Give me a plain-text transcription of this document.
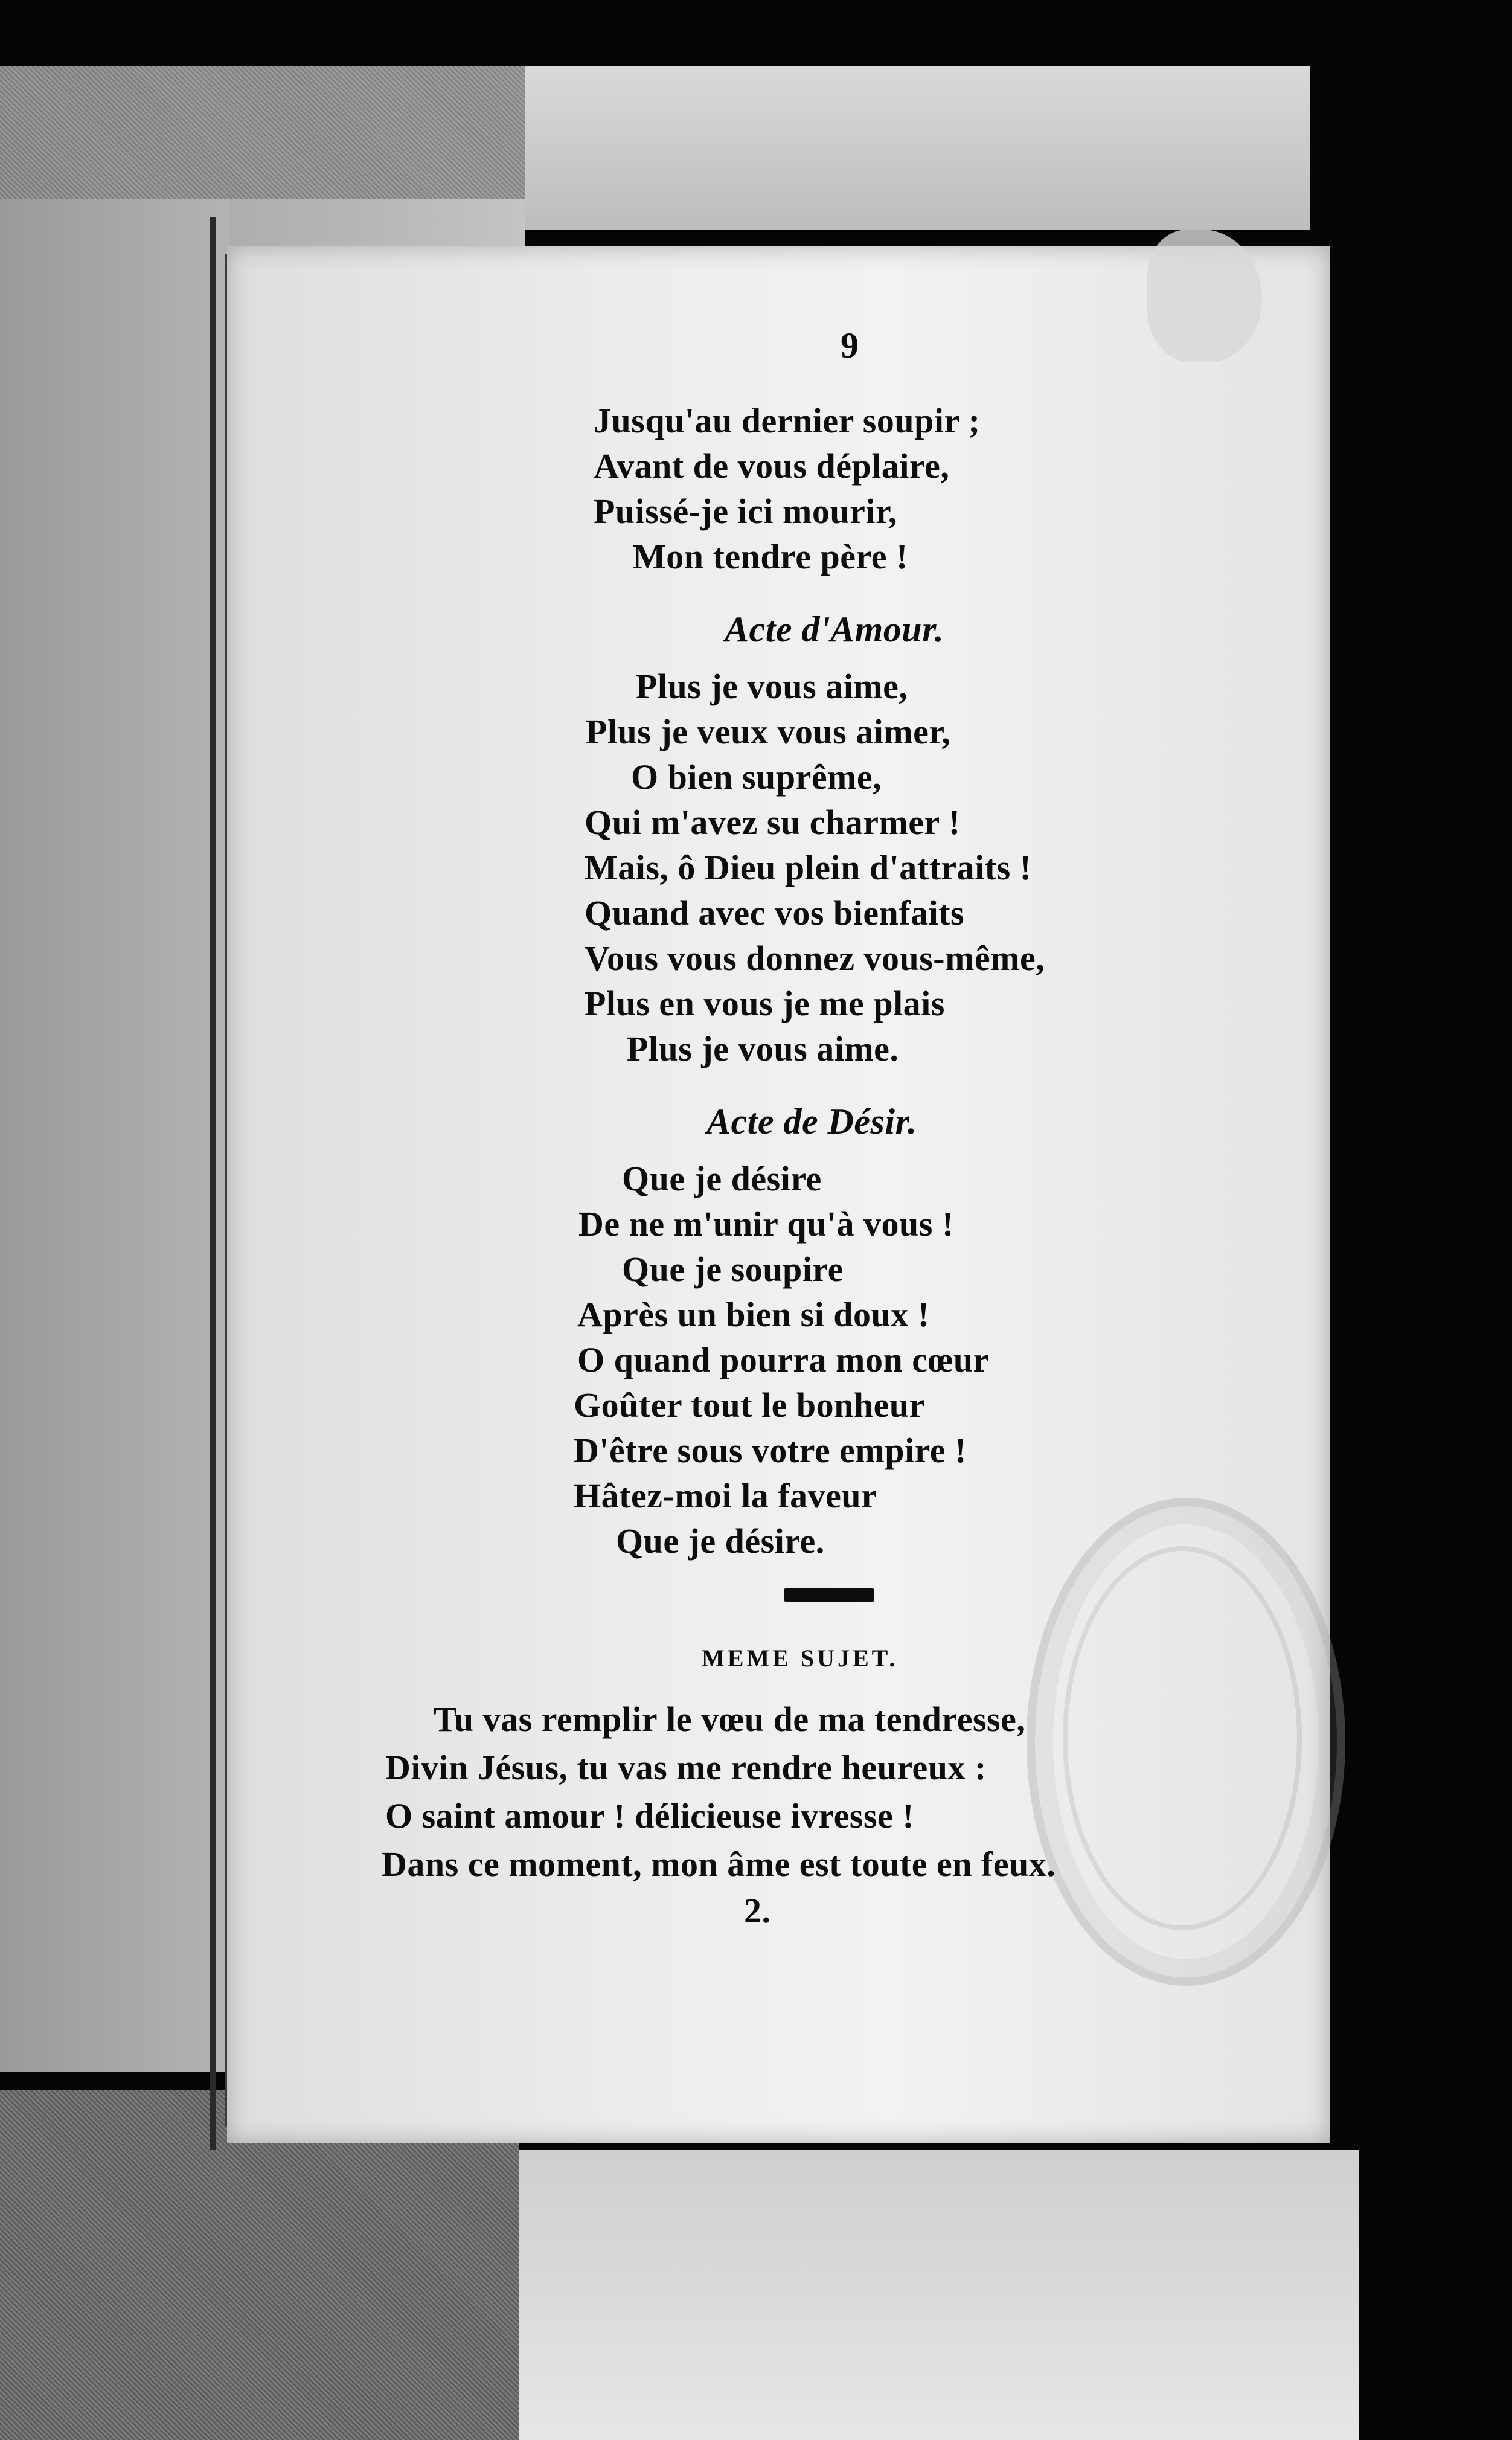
9
Jusqu'au dernier soupir ;
Avant de vous déplaire,
Puissé-je ici mourir,
Mon tendre père !
Acte d'Amour.
Plus je vous aime,
Plus je veux vous aimer,
O bien suprême,
Qui m'avez su charmer !
Mais, ô Dieu plein d'attraits !
Quand avec vos bienfaits
Vous vous donnez vous-même,
Plus en vous je me plais
Plus je vous aime.
Acte de Désir.
Que je désire
De ne m'unir qu'à vous !
Que je soupire
Après un bien si doux !
O quand pourra mon cœur
Goûter tout le bonheur
D'être sous votre empire !
Hâtez-moi la faveur
Que je désire.
MEME SUJET.
Tu vas remplir le vœu de ma tendresse,
Divin Jésus, tu vas me rendre heureux :
O saint amour ! délicieuse ivresse !
Dans ce moment, mon âme est toute en feux.
2.
